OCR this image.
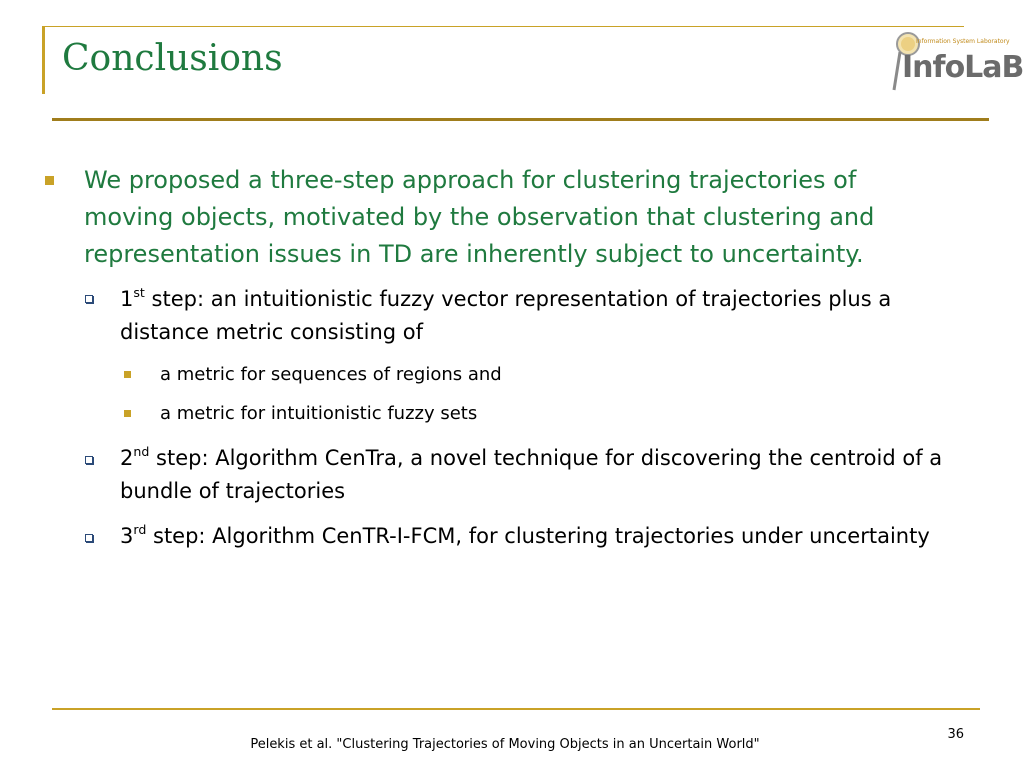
Conclusions	Information System Laboratory
InfoLaB
We proposed a three-step approach for clustering trajectories of moving objects, motivated by the observation that clustering and representation issues in TD are inherently subject to uncertainty.
1st step: an intuitionistic fuzzy vector representation of trajectories plus a distance metric consisting of
a metric for sequences of regions and
a metric for intuitionistic fuzzy sets
2nd step: Algorithm CenTra, a novel technique for discovering the centroid of a bundle of trajectories
3rd step: Algorithm CenTR-I-FCM, for clustering trajectories under uncertainty
36
Pelekis et al. "Clustering Trajectories of Moving Objects in an Uncertain World"
